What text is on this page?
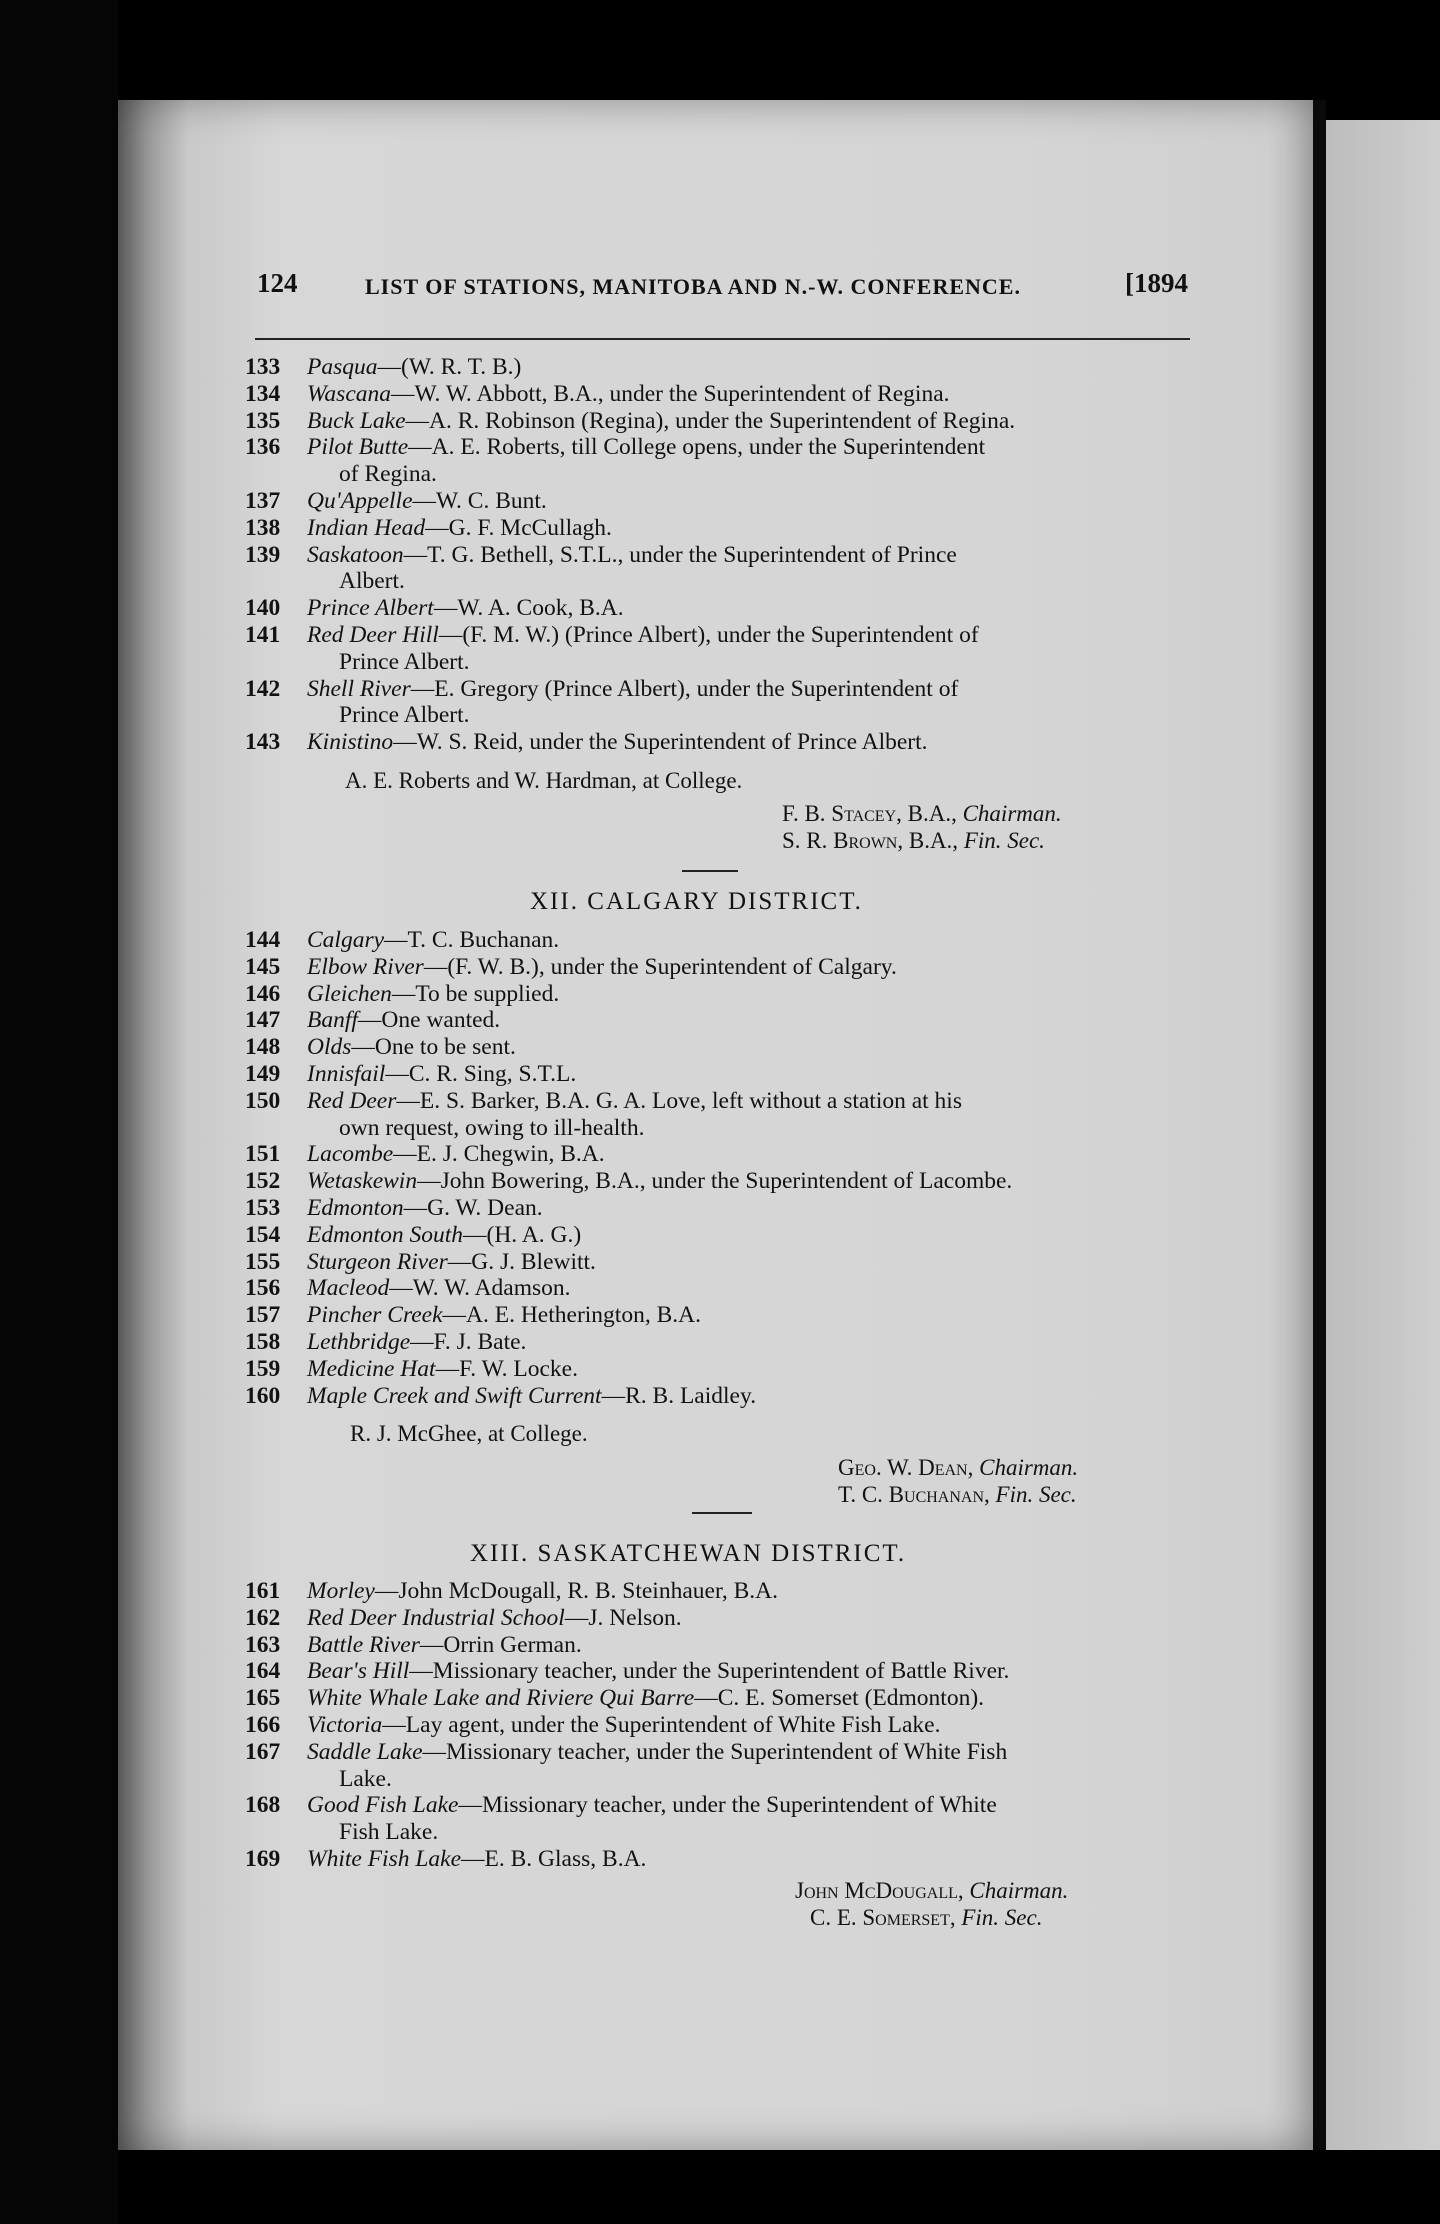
124	LIST OF STATIONS, MANITOBA AND N.-W. CONFERENCE.	[1894
133	Pasqua—(W. R. T. B.)
134	Wascana—W. W. Abbott, B.A., under the Superintendent of Regina.
135	Buck Lake—A. R. Robinson (Regina), under the Superintendent of Regina.
136	Pilot Butte—A. E. Roberts, till College opens, under the Superintendent
of Regina.
137	Qu'Appelle—W. C. Bunt.
138	Indian Head—G. F. McCullagh.
139	Saskatoon—T. G. Bethell, S.T.L., under the Superintendent of Prince
Albert.
140	Prince Albert—W. A. Cook, B.A.
141	Red Deer Hill—(F. M. W.) (Prince Albert), under the Superintendent of
Prince Albert.
142	Shell River—E. Gregory (Prince Albert), under the Superintendent of
Prince Albert.
143	Kinistino—W. S. Reid, under the Superintendent of Prince Albert.
A. E. Roberts and W. Hardman, at College.
F. B. Stacey, B.A., Chairman.
S. R. Brown, B.A., Fin. Sec.
XII. CALGARY DISTRICT.
144	Calgary—T. C. Buchanan.
145	Elbow River—(F. W. B.), under the Superintendent of Calgary.
146	Gleichen—To be supplied.
147	Banff—One wanted.
148	Olds—One to be sent.
149	Innisfail—C. R. Sing, S.T.L.
150	Red Deer—E. S. Barker, B.A. G. A. Love, left without a station at his
own request, owing to ill-health.
151	Lacombe—E. J. Chegwin, B.A.
152	Wetaskewin—John Bowering, B.A., under the Superintendent of Lacombe.
153	Edmonton—G. W. Dean.
154	Edmonton South—(H. A. G.)
155	Sturgeon River—G. J. Blewitt.
156	Macleod—W. W. Adamson.
157	Pincher Creek—A. E. Hetherington, B.A.
158	Lethbridge—F. J. Bate.
159	Medicine Hat—F. W. Locke.
160	Maple Creek and Swift Current—R. B. Laidley.
R. J. McGhee, at College.
Geo. W. Dean, Chairman.
T. C. Buchanan, Fin. Sec.
XIII. SASKATCHEWAN DISTRICT.
161	Morley—John McDougall, R. B. Steinhauer, B.A.
162	Red Deer Industrial School—J. Nelson.
163	Battle River—Orrin German.
164	Bear's Hill—Missionary teacher, under the Superintendent of Battle River.
165	White Whale Lake and Riviere Qui Barre—C. E. Somerset (Edmonton).
166	Victoria—Lay agent, under the Superintendent of White Fish Lake.
167	Saddle Lake—Missionary teacher, under the Superintendent of White Fish
Lake.
168	Good Fish Lake—Missionary teacher, under the Superintendent of White
Fish Lake.
169	White Fish Lake—E. B. Glass, B.A.
John McDougall, Chairman.
C. E. Somerset, Fin. Sec.
